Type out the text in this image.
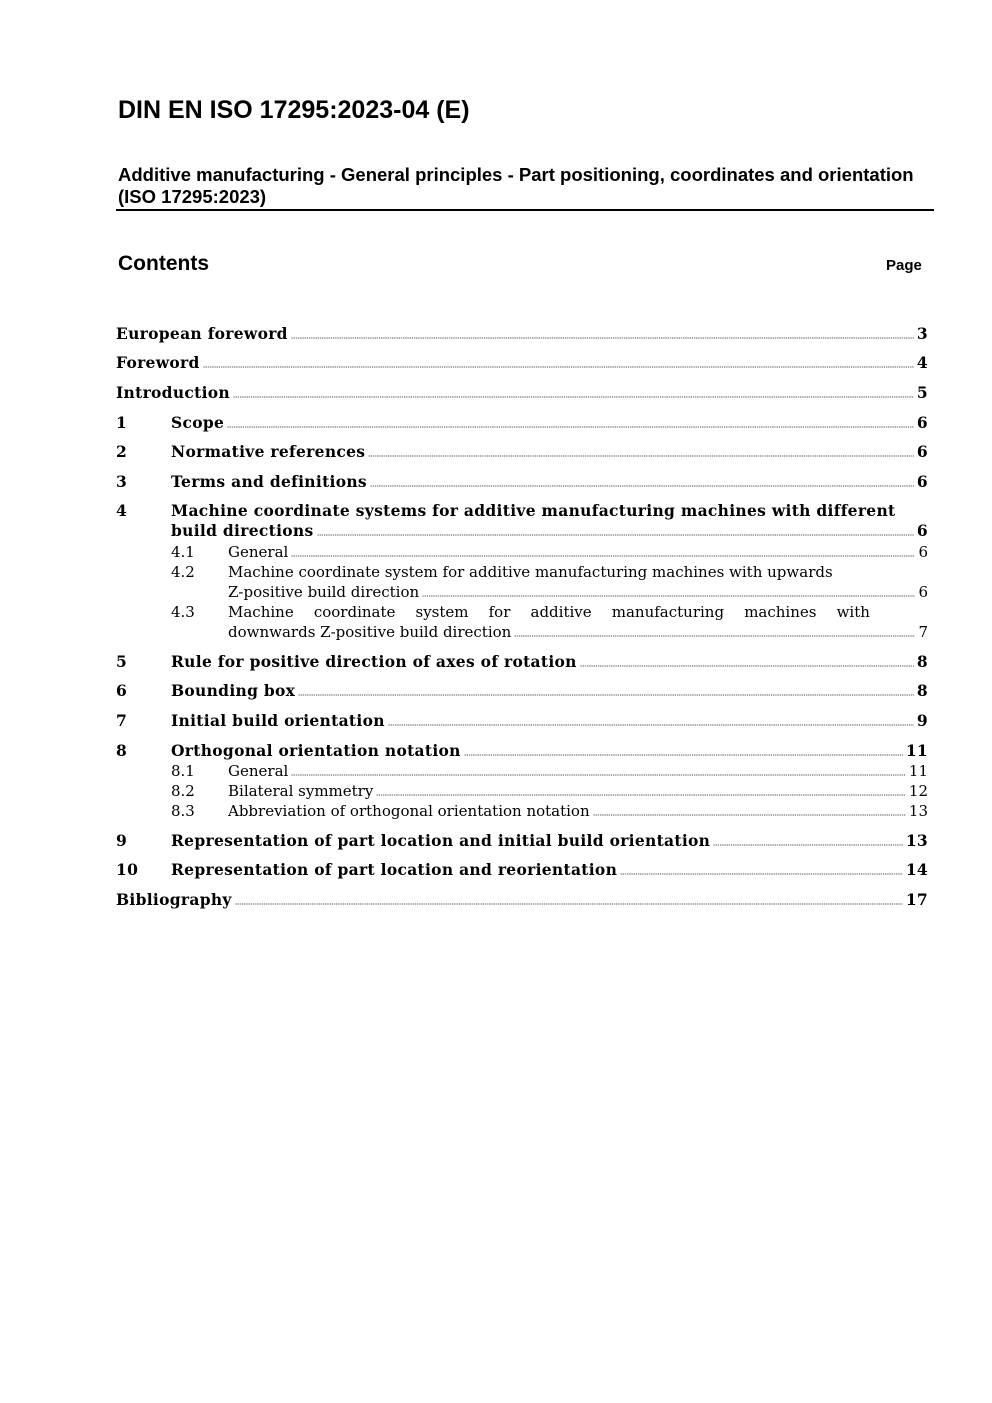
DIN EN ISO 17295:2023-04 (E)
Additive manufacturing - General principles - Part positioning, coordinates and orientation (ISO 17295:2023)
Contents	Page
European foreword	3
Foreword	4
Introduction	5
1	Scope	6
2	Normative references	6
3	Terms and definitions	6
4	Machine coordinate systems for additive manufacturing machines with different
build directions	6
4.1 General	6
4.2 Machine coordinate system for additive manufacturing machines with upwards
Z-positive build direction	6
4.3 Machine coordinate system for additive manufacturing machines with
downwards Z-positive build direction	7
5	Rule for positive direction of axes of rotation	8
6	Bounding box	8
7	Initial build orientation	9
8	Orthogonal orientation notation	11
8.1 General	11
8.2 Bilateral symmetry	12
8.3 Abbreviation of orthogonal orientation notation	13
9	Representation of part location and initial build orientation	13
10 Representation of part location and reorientation	14
Bibliography	17
